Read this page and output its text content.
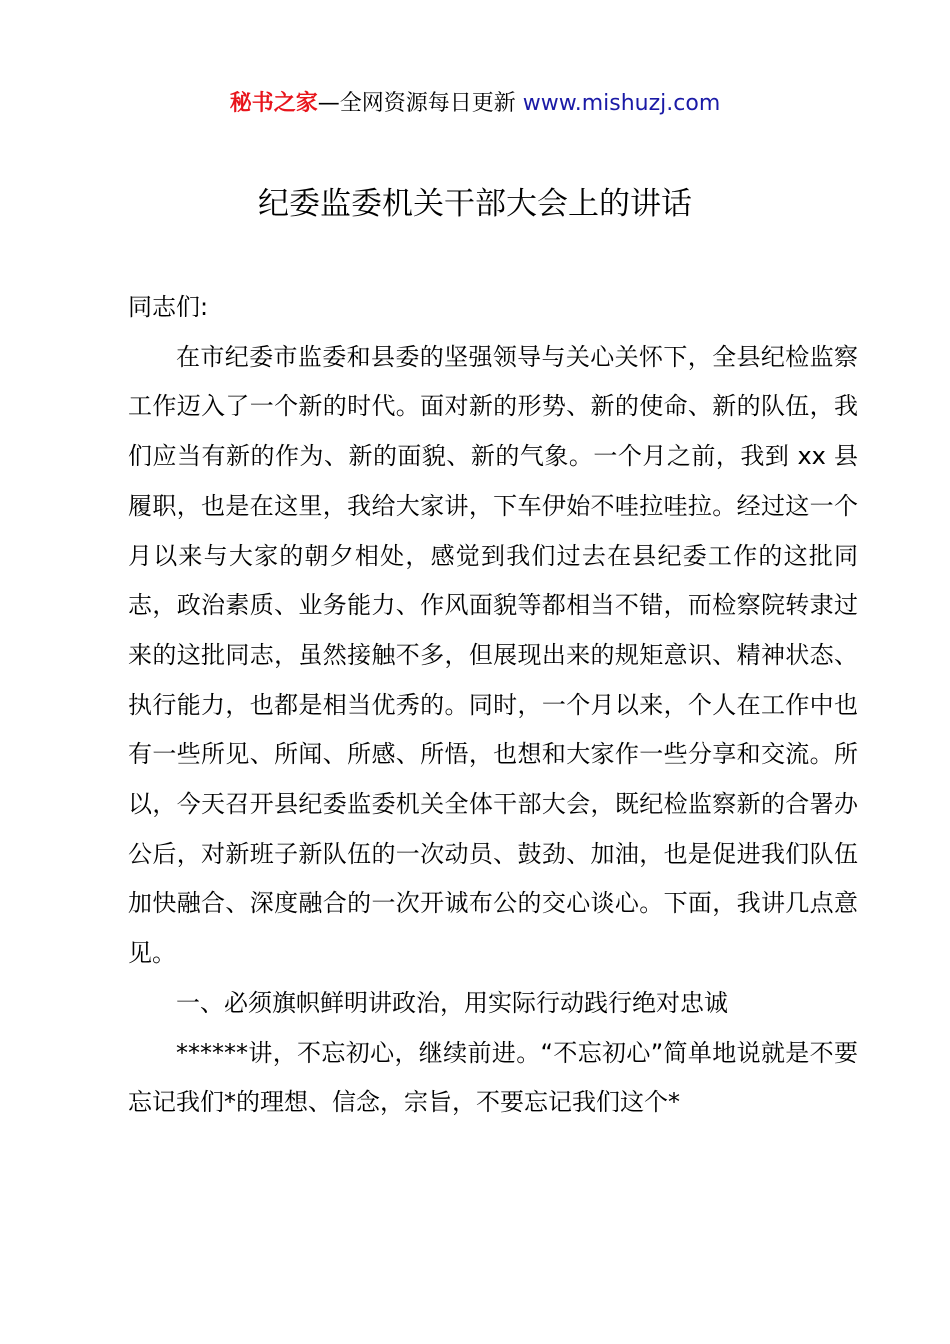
秘书之家—全网资源每日更新 www.mishuzj.com
纪委监委机关干部大会上的讲话

同志们:

在市纪委市监委和县委的坚强领导与关心关怀下，全县纪检监察工作迈入了一个新的时代。面对新的形势、新的使命、新的队伍，我们应当有新的作为、新的面貌、新的气象。一个月之前，我到 xx 县履职，也是在这里，我给大家讲，下车伊始不哇拉哇拉。经过这一个月以来与大家的朝夕相处，感觉到我们过去在县纪委工作的这批同志，政治素质、业务能力、作风面貌等都相当不错，而检察院转隶过来的这批同志，虽然接触不多，但展现出来的规矩意识、精神状态、执行能力，也都是相当优秀的。同时，一个月以来，个人在工作中也有一些所见、所闻、所感、所悟，也想和大家作一些分享和交流。所以，今天召开县纪委监委机关全体干部大会，既纪检监察新的合署办公后，对新班子新队伍的一次动员、鼓劲、加油，也是促进我们队伍加快融合、深度融合的一次开诚布公的交心谈心。下面，我讲几点意见。

一、必须旗帜鲜明讲政治，用实际行动践行绝对忠诚

******讲，不忘初心，继续前进。“不忘初心”简单地说就是不要忘记我们*的理想、信念，宗旨，不要忘记我们这个*
